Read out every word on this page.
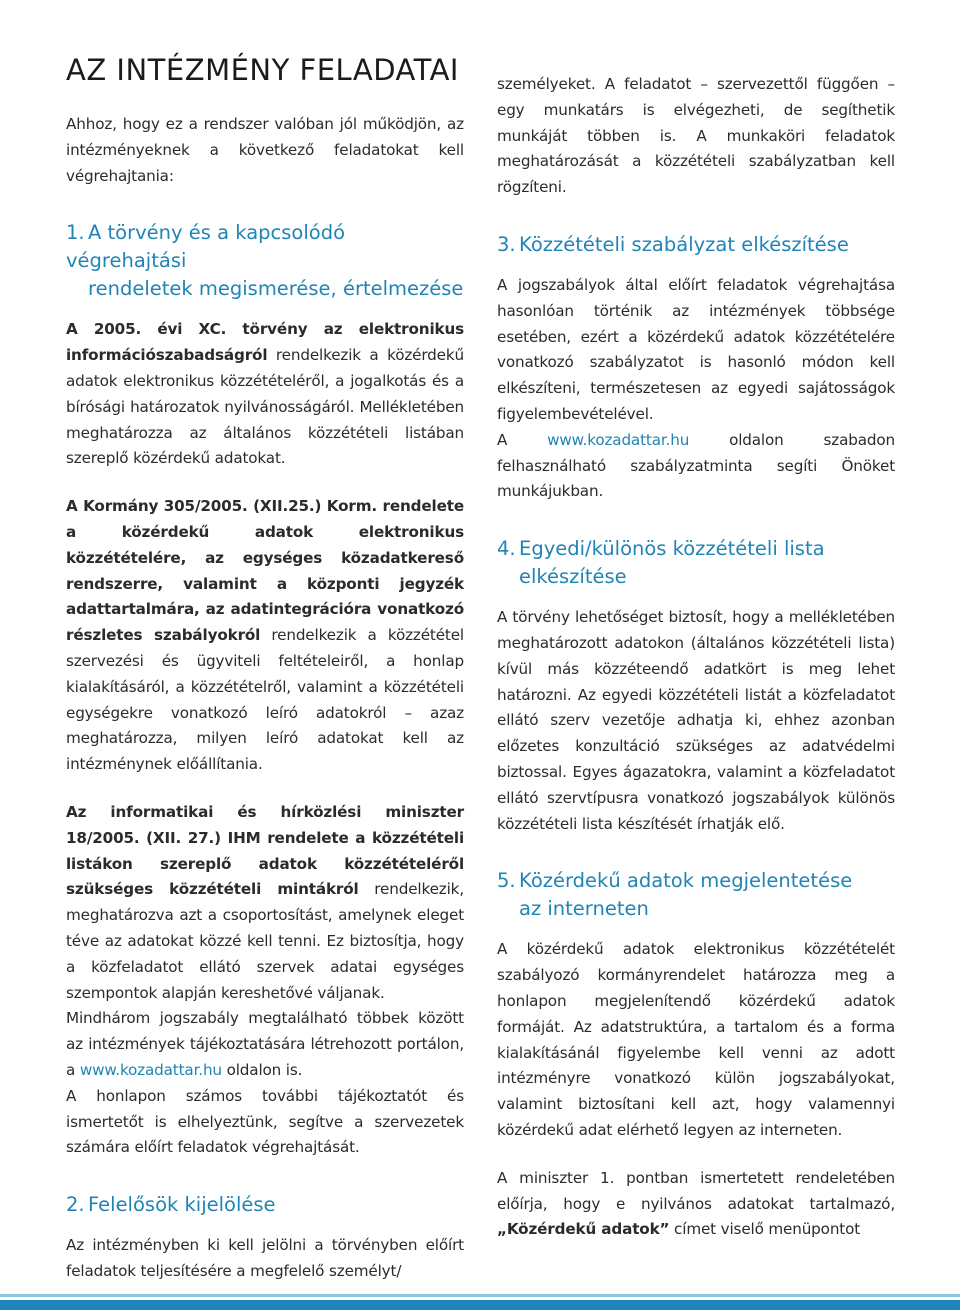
AZ INTÉZMÉNY FELADATAI

Ahhoz, hogy ez a rendszer valóban jól működjön, az intézményeknek a következő feladatokat kell végrehajtania:

1. A törvény és a kapcsolódó végrehajtási
rendeletek megismerése, értelmezése

A 2005. évi XC. törvény az elektronikus információszabadságról rendelkezik a közérdekű adatok elektronikus közzétételéről, a jogalkotás és a bírósági határozatok nyilvánosságáról. Mellékletében meghatározza az általános közzétételi listában szereplő közérdekű adatokat.

A Kormány 305/2005. (XII.25.) Korm. rendelete a közérdekű adatok elektronikus közzétételére, az egységes közadatkereső rendszerre, valamint a központi jegyzék adattartalmára, az adatintegrációra vonatkozó részletes szabályokról rendelkezik a közzététel szervezési és ügyviteli feltételeiről, a honlap kialakításáról, a közzétételről, valamint a közzétételi egységekre vonatkozó leíró adatokról – azaz meghatározza, milyen leíró adatokat kell az intézménynek előállítania.

Az informatikai és hírközlési miniszter 18/2005. (XII. 27.) IHM rendelete a közzétételi listákon szereplő adatok közzétételéről szükséges közzétételi mintákról rendelkezik, meghatározva azt a csoportosítást, amelynek eleget téve az adatokat közzé kell tenni. Ez biztosítja, hogy a közfeladatot ellátó szervek adatai egységes szempontok alapján kereshetővé váljanak.

Mindhárom jogszabály megtalálható többek között az intézmények tájékoztatására létrehozott portálon, a www.kozadattar.hu oldalon is.

A honlapon számos további tájékoztatót és ismertetőt is elhelyeztünk, segítve a szervezetek számára előírt feladatok végrehajtását.

2. Felelősök kijelölése

Az intézményben ki kell jelölni a törvényben előírt feladatok teljesítésére a megfelelő személyt/

személyeket. A feladatot – szervezettől függően – egy munkatárs is elvégezheti, de segíthetik munkáját többen is. A munkaköri feladatok meghatározását a közzétételi szabályzatban kell rögzíteni.

3. Közzétételi szabályzat elkészítése

A jogszabályok által előírt feladatok végrehajtása hasonlóan történik az intézmények többsége esetében, ezért a közérdekű adatok közzétételére vonatkozó szabályzatot is hasonló módon kell elkészíteni, természetesen az egyedi sajátosságok figyelembevételével.

A www.kozadattar.hu oldalon szabadon felhasználható szabályzatminta segíti Önöket munkájukban.

4. Egyedi/különös közzétételi lista
elkészítése

A törvény lehetőséget biztosít, hogy a mellékletében meghatározott adatokon (általános közzétételi lista) kívül más közzéteendő adatkört is meg lehet határozni. Az egyedi közzétételi listát a közfeladatot ellátó szerv vezetője adhatja ki, ehhez azonban előzetes konzultáció szükséges az adatvédelmi biztossal. Egyes ágazatokra, valamint a közfeladatot ellátó szervtípusra vonatkozó jogszabályok különös közzétételi lista készítését írhatják elő.

5. Közérdekű adatok megjelentetése
az interneten

A közérdekű adatok elektronikus közzétételét szabályozó kormányrendelet határozza meg a honlapon megjelenítendő közérdekű adatok formáját. Az adatstruktúra, a tartalom és a forma kialakításánál figyelembe kell venni az adott intézményre vonatkozó külön jogszabályokat, valamint biztosítani kell azt, hogy valamennyi közérdekű adat elérhető legyen az interneten.

A miniszter 1. pontban ismertetett rendeletében előírja, hogy e nyilvános adatokat tartalmazó, „Közérdekű adatok” címet viselő menüpontot
